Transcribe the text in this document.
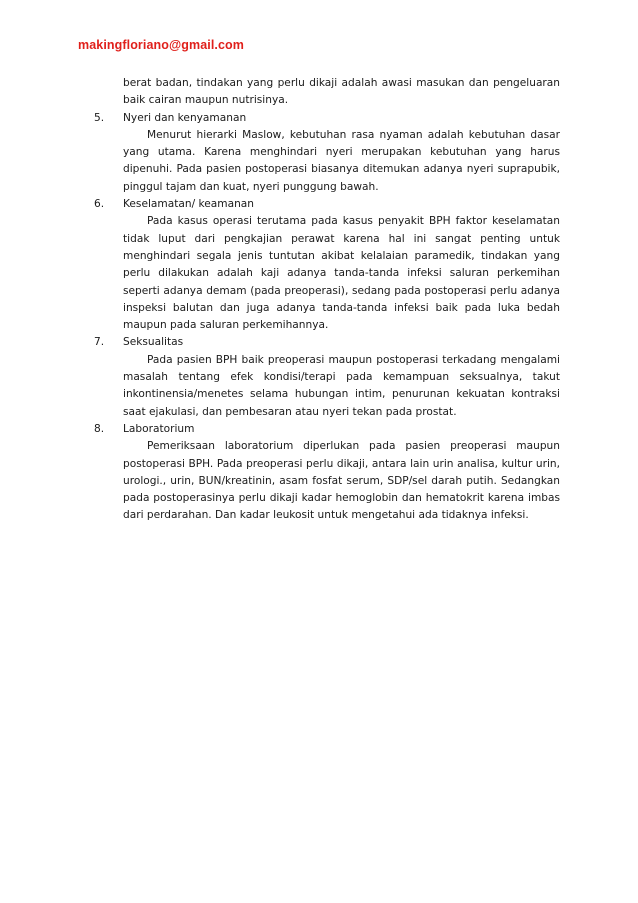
makingfloriano@gmail.com

berat badan, tindakan yang perlu dikaji adalah awasi masukan dan pengeluaran baik cairan maupun nutrisinya.

5. Nyeri dan kenyamanan

Menurut hierarki Maslow, kebutuhan rasa nyaman adalah kebutuhan dasar yang utama. Karena menghindari nyeri merupakan kebutuhan yang harus dipenuhi. Pada pasien postoperasi biasanya ditemukan adanya nyeri suprapubik, pinggul tajam dan kuat, nyeri punggung bawah.

6. Keselamatan/ keamanan

Pada kasus operasi terutama pada kasus penyakit BPH faktor keselamatan tidak luput dari pengkajian perawat karena hal ini sangat penting untuk menghindari segala jenis tuntutan akibat kelalaian paramedik, tindakan yang perlu dilakukan adalah kaji adanya tanda-tanda infeksi saluran perkemihan seperti adanya demam (pada preoperasi), sedang pada postoperasi perlu adanya inspeksi balutan dan juga adanya tanda-tanda infeksi baik pada luka bedah maupun pada saluran perkemihannya.

7. Seksualitas

Pada pasien BPH baik preoperasi maupun postoperasi terkadang mengalami masalah tentang efek kondisi/terapi pada kemampuan seksualnya, takut inkontinensia/menetes selama hubungan intim, penurunan kekuatan kontraksi saat ejakulasi, dan pembesaran atau nyeri tekan pada prostat.

8. Laboratorium

Pemeriksaan laboratorium diperlukan pada pasien preoperasi maupun postoperasi BPH. Pada preoperasi perlu dikaji, antara lain urin analisa, kultur urin, urologi., urin, BUN/kreatinin, asam fosfat serum, SDP/sel darah putih. Sedangkan pada postoperasinya perlu dikaji kadar hemoglobin dan hematokrit karena imbas dari perdarahan. Dan kadar leukosit untuk mengetahui ada tidaknya infeksi.
